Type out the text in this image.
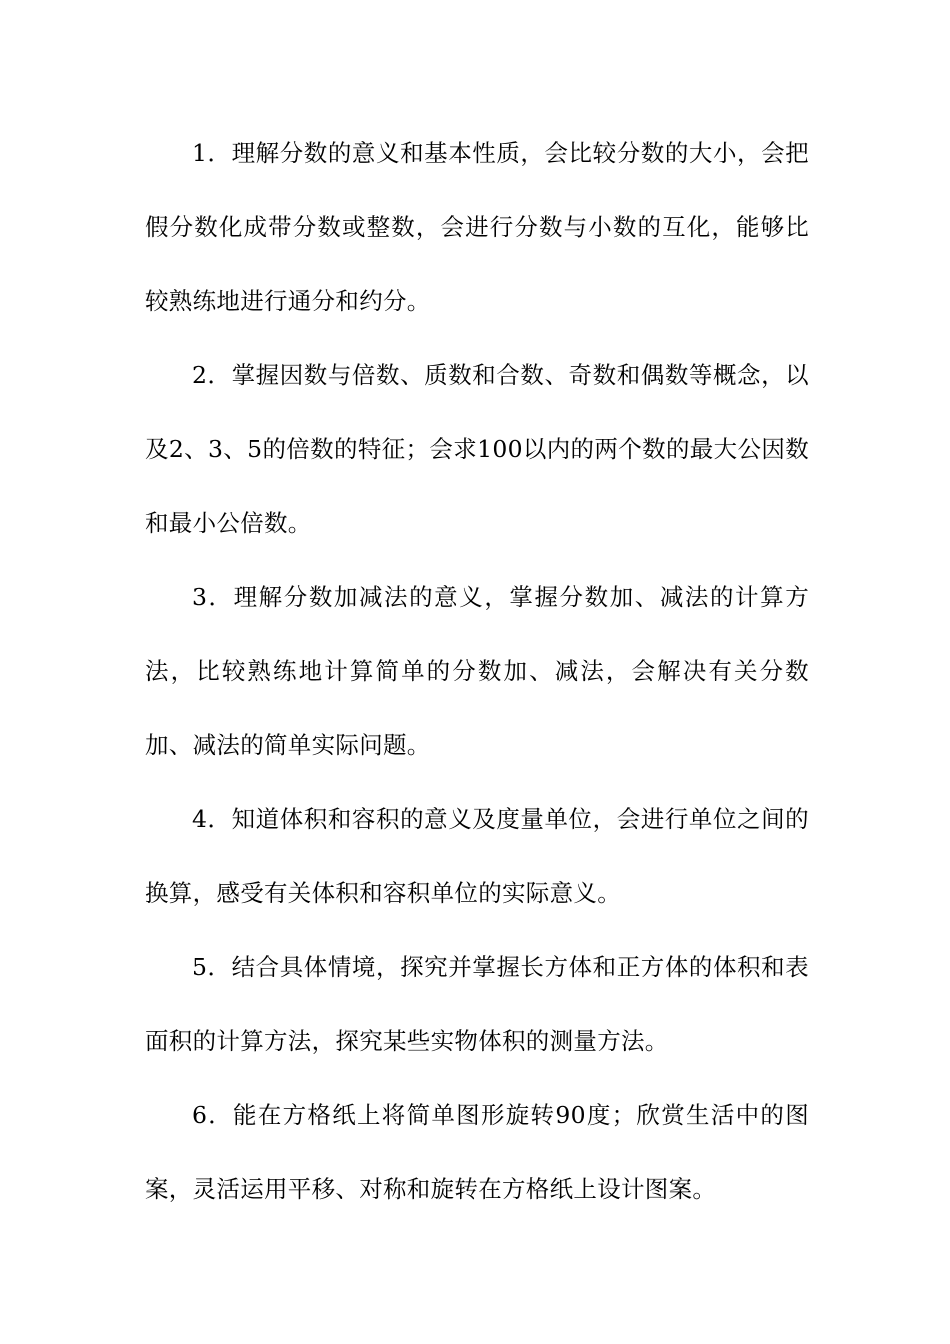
1．理解分数的意义和基本性质，会比较分数的大小，会把假分数化成带分数或整数，会进行分数与小数的互化，能够比较熟练地进行通分和约分。

2．掌握因数与倍数、质数和合数、奇数和偶数等概念，以及2、3、5的倍数的特征；会求100以内的两个数的最大公因数和最小公倍数。

3．理解分数加减法的意义，掌握分数加、减法的计算方法，比较熟练地计算简单的分数加、减法，会解决有关分数加、减法的简单实际问题。

4．知道体积和容积的意义及度量单位，会进行单位之间的换算，感受有关体积和容积单位的实际意义。

5．结合具体情境，探究并掌握长方体和正方体的体积和表面积的计算方法，探究某些实物体积的测量方法。

6．能在方格纸上将简单图形旋转90度；欣赏生活中的图案，灵活运用平移、对称和旋转在方格纸上设计图案。
